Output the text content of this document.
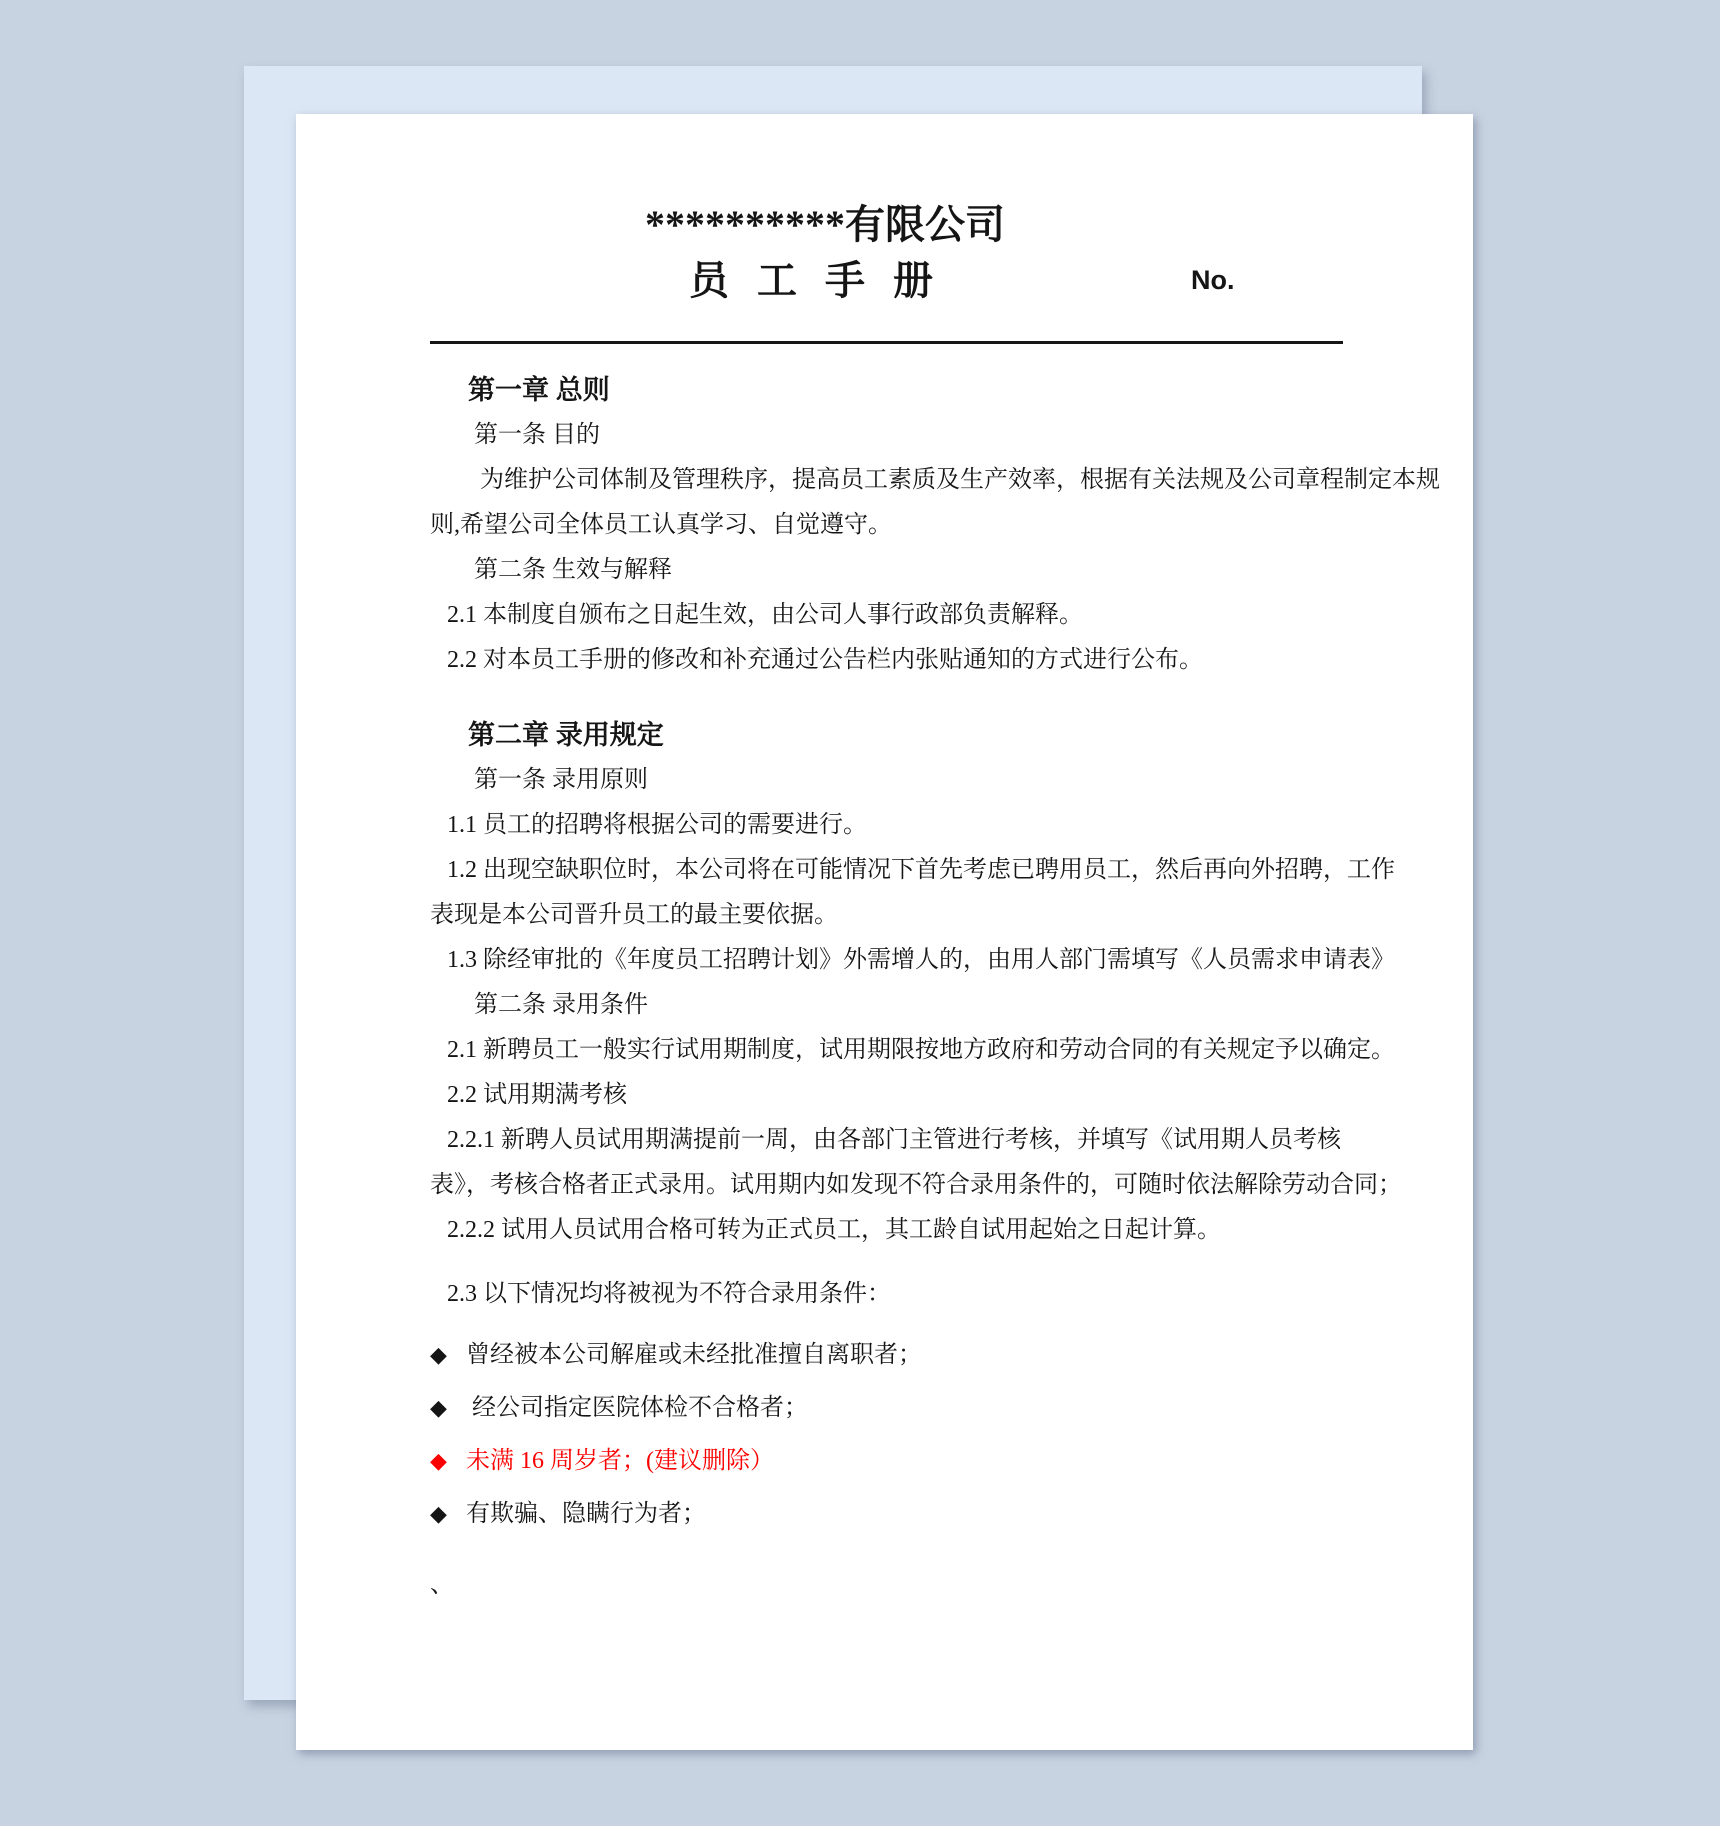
**********有限公司
员工手册	No.
第一章 总则
第一条 目的
为维护公司体制及管理秩序，提高员工素质及生产效率，根据有关法规及公司章程制定本规
则,希望公司全体员工认真学习、自觉遵守。
第二条 生效与解释
2.1 本制度自颁布之日起生效，由公司人事行政部负责解释。
2.2 对本员工手册的修改和补充通过公告栏内张贴通知的方式进行公布。
第二章 录用规定
第一条 录用原则
1.1 员工的招聘将根据公司的需要进行。
1.2 出现空缺职位时，本公司将在可能情况下首先考虑已聘用员工，然后再向外招聘，工作
表现是本公司晋升员工的最主要依据。
1.3 除经审批的《年度员工招聘计划》外需增人的，由用人部门需填写《人员需求申请表》
第二条 录用条件
2.1 新聘员工一般实行试用期制度，试用期限按地方政府和劳动合同的有关规定予以确定。
2.2 试用期满考核
2.2.1 新聘人员试用期满提前一周，由各部门主管进行考核，并填写《试用期人员考核
表》，考核合格者正式录用。试用期内如发现不符合录用条件的，可随时依法解除劳动合同；
2.2.2 试用人员试用合格可转为正式员工，其工龄自试用起始之日起计算。
2.3 以下情况均将被视为不符合录用条件：
◆ 曾经被本公司解雇或未经批准擅自离职者；
◆ 经公司指定医院体检不合格者；
◆ 未满 16 周岁者；(建议删除）
◆ 有欺骗、隐瞒行为者；
、
